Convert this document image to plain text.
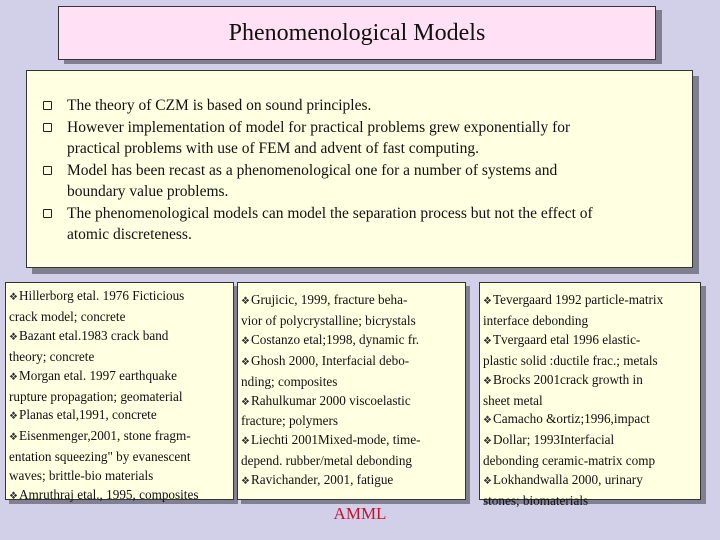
Phenomenological Models
The theory of CZM is based on sound principles.
However implementation of model for practical problems grew exponentially for
practical problems with use of FEM and advent of fast computing.
Model has been recast as a phenomenological one for a number of systems and
boundary value problems.
The phenomenological models can model the separation process but not the effect of
atomic discreteness.
❖Hillerborg etal. 1976 Ficticious
crack model; concrete
❖Bazant etal.1983 crack band
theory; concrete
❖Morgan etal. 1997 earthquake
rupture propagation; geomaterial
❖Planas etal,1991, concrete
❖Eisenmenger,2001, stone fragm-
entation squeezing" by evanescent
waves; brittle-bio materials
❖Amruthraj etal., 1995, composites
❖Grujicic, 1999, fracture beha-
vior of polycrystalline; bicrystals
❖Costanzo etal;1998, dynamic fr.
❖Ghosh 2000, Interfacial debo-
nding; composites
❖Rahulkumar 2000 viscoelastic
fracture; polymers
❖Liechti 2001Mixed-mode, time-
depend. rubber/metal debonding
❖Ravichander, 2001, fatigue
❖Tevergaard 1992 particle-matrix
interface debonding
❖Tvergaard etal 1996 elastic-
plastic solid :ductile frac.; metals
❖Brocks 2001crack growth in
sheet metal
❖Camacho &ortiz;1996,impact
❖Dollar; 1993Interfacial
debonding ceramic-matrix comp
❖Lokhandwalla 2000, urinary
stones; biomaterials
AMML
